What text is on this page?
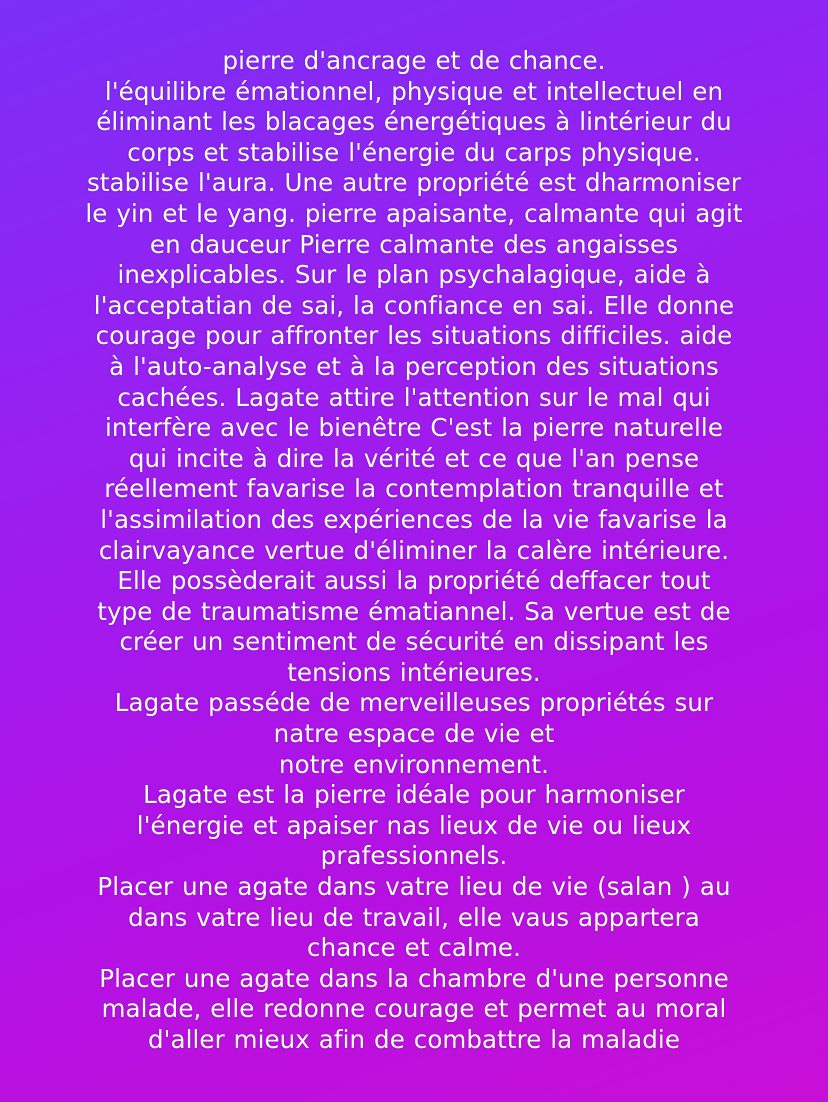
pierre d'ancrage et de chance.
l'équilibre émationnel, physique et intellectuel en
éliminant les blacages énergétiques à lintérieur du
corps et stabilise l'énergie du carps physique.
stabilise l'aura. Une autre propriété est dharmoniser
le yin et le yang. pierre apaisante, calmante qui agit
en dauceur Pierre calmante des angaisses
inexplicables. Sur le plan psychalagique, aide à
l'acceptatian de sai, la confiance en sai. Elle donne
courage pour affronter les situations difficiles. aide
à l'auto-analyse et à la perception des situations
cachées. Lagate attire l'attention sur le mal qui
interfère avec le bienêtre C'est la pierre naturelle
qui incite à dire la vérité et ce que l'an pense
réellement favarise la contemplation tranquille et
l'assimilation des expériences de la vie favarise la
clairvayance vertue d'éliminer la calère intérieure.
Elle possèderait aussi la propriété deffacer tout
type de traumatisme ématiannel. Sa vertue est de
créer un sentiment de sécurité en dissipant les
tensions intérieures.
Lagate passéde de merveilleuses propriétés sur
natre espace de vie et
notre environnement.
Lagate est la pierre idéale pour harmoniser
l'énergie et apaiser nas lieux de vie ou lieux
prafessionnels.
Placer une agate dans vatre lieu de vie (salan ) au
dans vatre lieu de travail, elle vaus appartera
chance et calme.
Placer une agate dans la chambre d'une personne
malade, elle redonne courage et permet au moral
d'aller mieux afin de combattre la maladie
